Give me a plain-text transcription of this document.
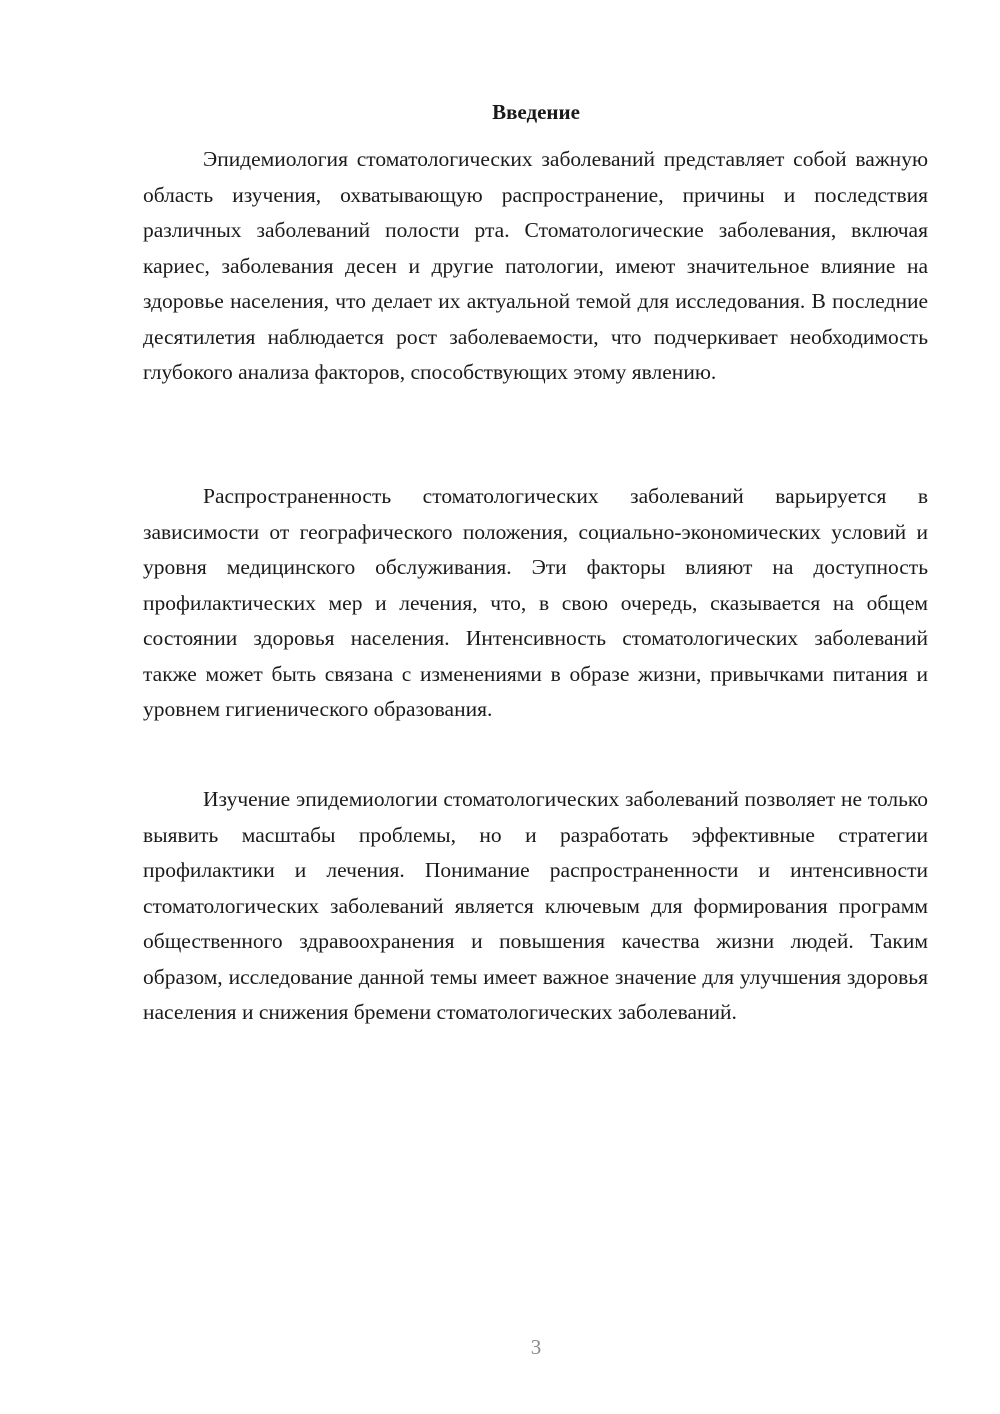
Введение

Эпидемиология стоматологических заболеваний представляет собой важную область изучения, охватывающую распространение, причины и последствия различных заболеваний полости рта. Стоматологические заболевания, включая кариес, заболевания десен и другие патологии, имеют значительное влияние на здоровье населения, что делает их актуальной темой для исследования. В последние десятилетия наблюдается рост заболеваемости, что подчеркивает необходимость глубокого анализа факторов, способствующих этому явлению.

Распространенность стоматологических заболеваний варьируется в зависимости от географического положения, социально-экономических условий и уровня медицинского обслуживания. Эти факторы влияют на доступность профилактических мер и лечения, что, в свою очередь, сказывается на общем состоянии здоровья населения. Интенсивность стоматологических заболеваний также может быть связана с изменениями в образе жизни, привычками питания и уровнем гигиенического образования.

Изучение эпидемиологии стоматологических заболеваний позволяет не только выявить масштабы проблемы, но и разработать эффективные стратегии профилактики и лечения. Понимание распространенности и интенсивности стоматологических заболеваний является ключевым для формирования программ общественного здравоохранения и повышения качества жизни людей. Таким образом, исследование данной темы имеет важное значение для улучшения здоровья населения и снижения бремени стоматологических заболеваний.

3
